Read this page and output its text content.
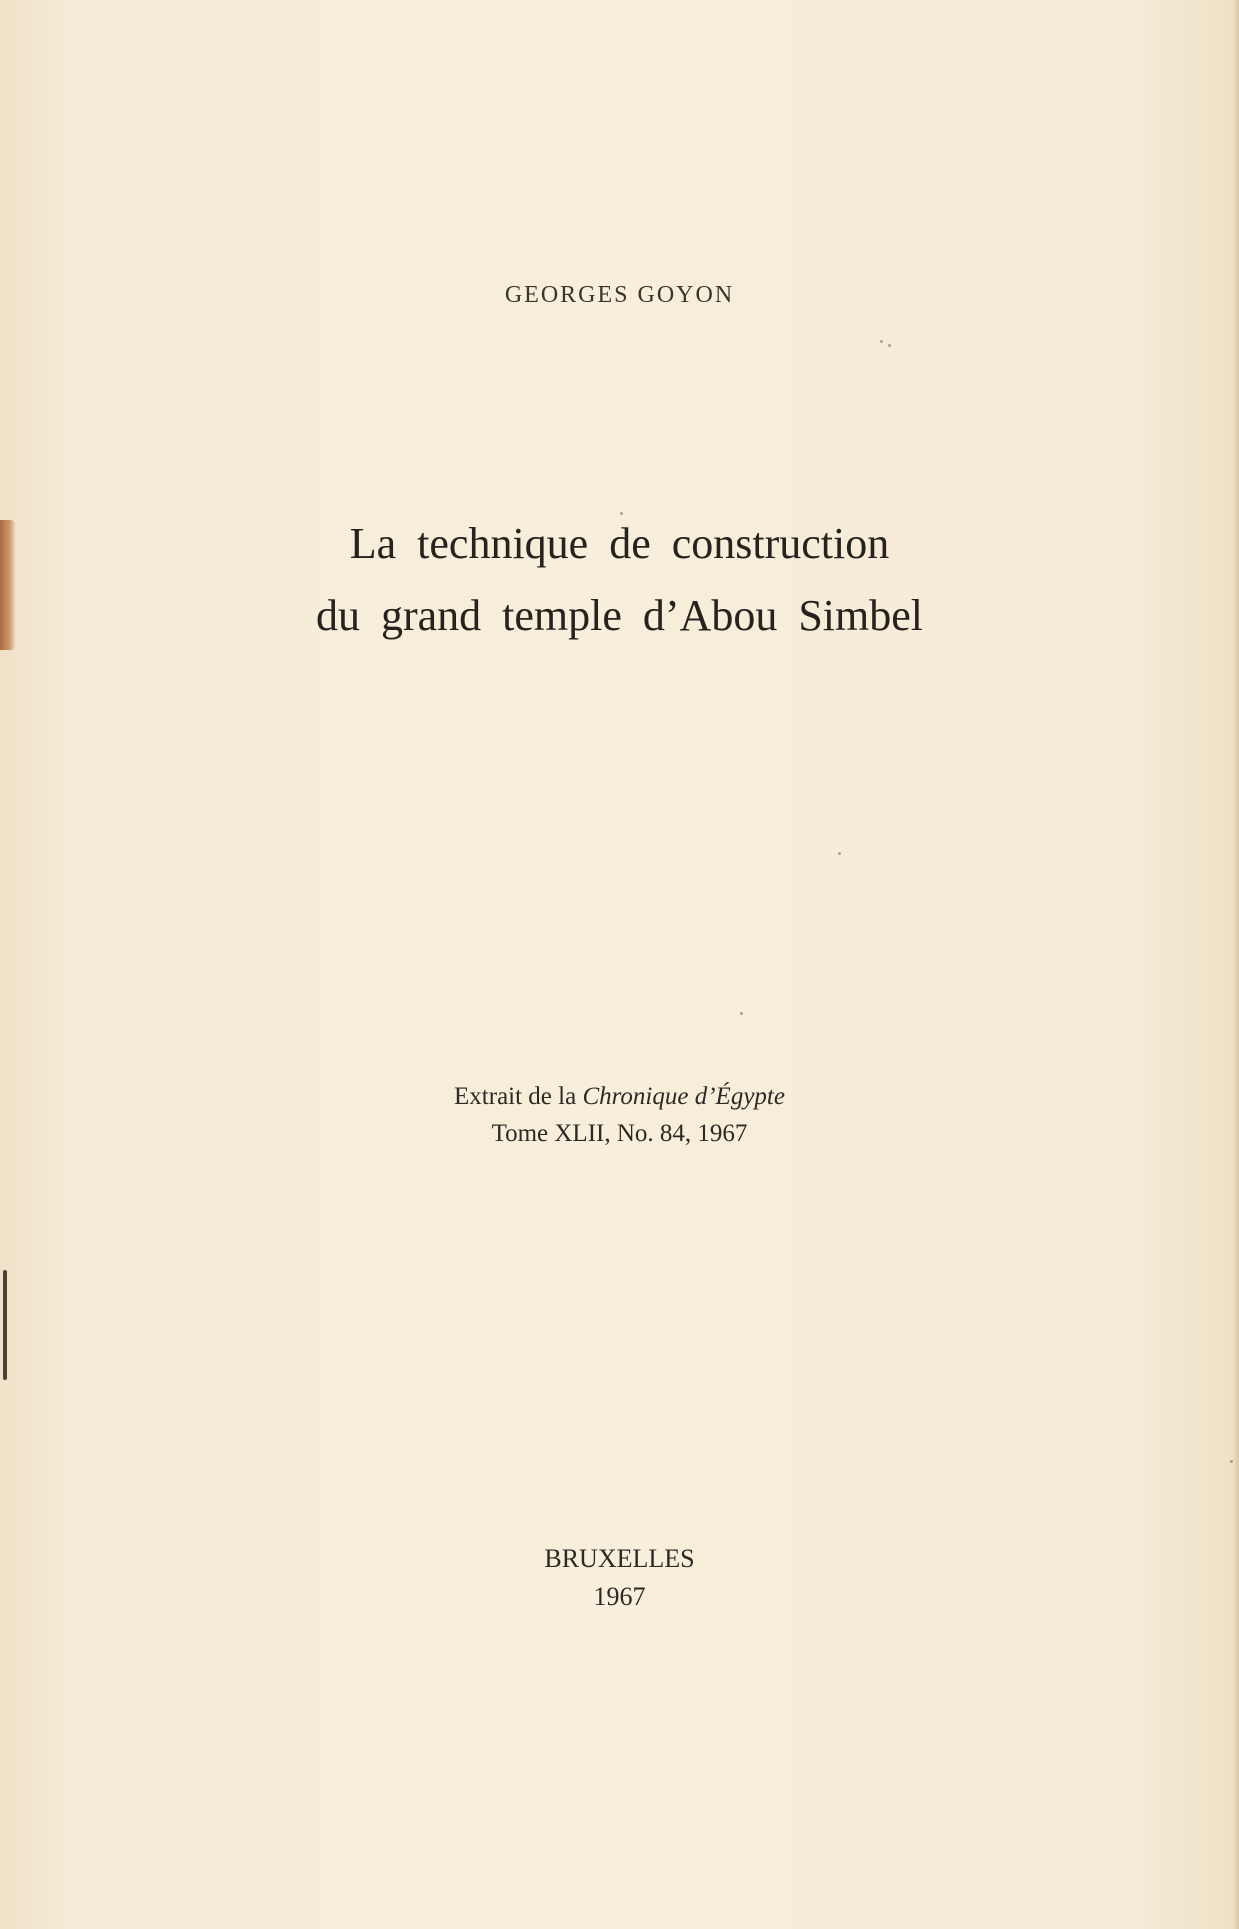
GEORGES GOYON
La technique de construction
du grand temple d’Abou Simbel
Extrait de la Chronique d’Égypte
Tome XLII, No. 84, 1967
BRUXELLES
1967
